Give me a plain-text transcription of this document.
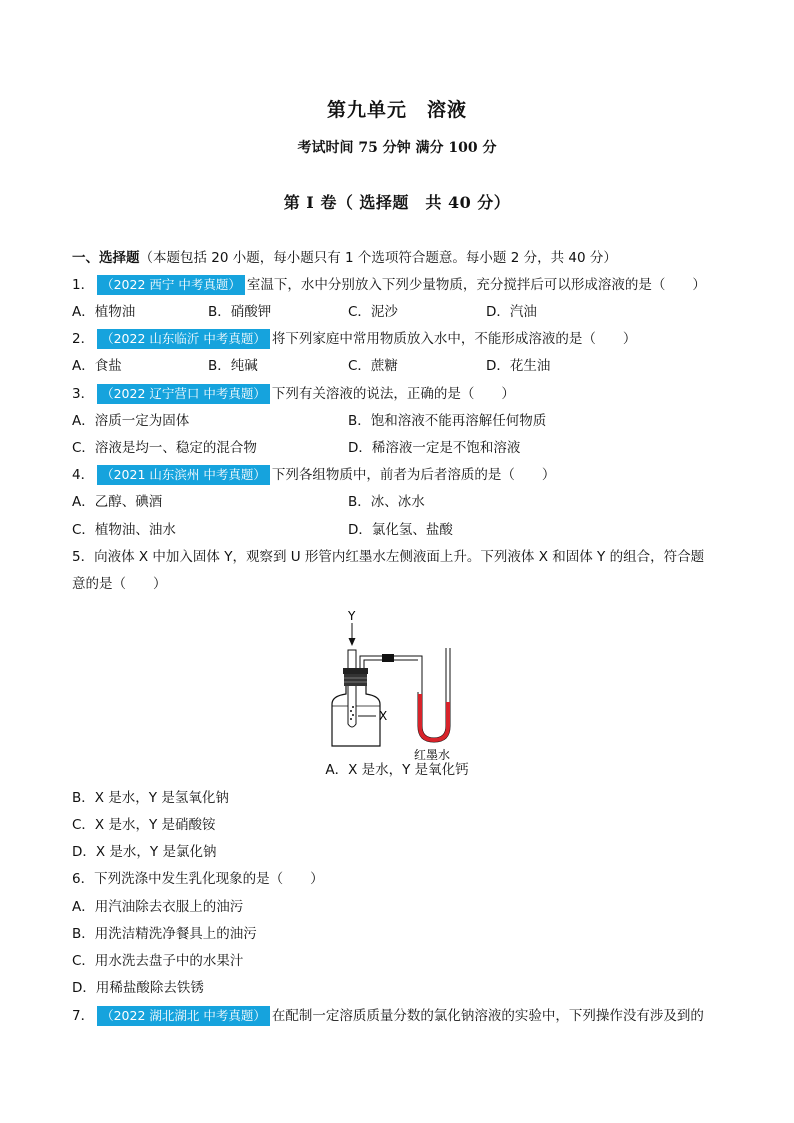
第九单元　溶液
考试时间 75 分钟 满分 100 分
第 I 卷（ 选择题　共 40 分）
一、选择题（本题包括 20 小题，每小题只有 1 个选项符合题意。每小题 2 分，共 40 分）
1． （2022 西宁 中考真题） 室温下，水中分别放入下列少量物质，充分搅拌后可以形成溶液的是（　　）
A．植物油	B．硝酸钾	C．泥沙	D．汽油
2． （2022 山东临沂 中考真题） 将下列家庭中常用物质放入水中，不能形成溶液的是（　　）
A．食盐	B．纯碱	C．蔗糖	D．花生油
3． （2022 辽宁营口 中考真题） 下列有关溶液的说法，正确的是（　　）
A．溶质一定为固体	B．饱和溶液不能再溶解任何物质
C．溶液是均一、稳定的混合物	D．稀溶液一定是不饱和溶液
4． （2021 山东滨州 中考真题） 下列各组物质中，前者为后者溶质的是（　　）
A．乙醇、碘酒	B．冰、冰水
C．植物油、油水	D．氯化氢、盐酸
5．向液体 X 中加入固体 Y，观察到 U 形管内红墨水左侧液面上升。下列液体 X 和固体 Y 的组合，符合题
意的是（　　）
Y
X
红墨水
A．X 是水，Y 是氧化钙
B．X 是水，Y 是氢氧化钠
C．X 是水，Y 是硝酸铵
D．X 是水，Y 是氯化钠
6．下列洗涤中发生乳化现象的是（　　）
A．用汽油除去衣服上的油污
B．用洗洁精洗净餐具上的油污
C．用水洗去盘子中的水果汁
D．用稀盐酸除去铁锈
7． （2022 湖北湖北 中考真题） 在配制一定溶质质量分数的氯化钠溶液的实验中，下列操作没有涉及到的
